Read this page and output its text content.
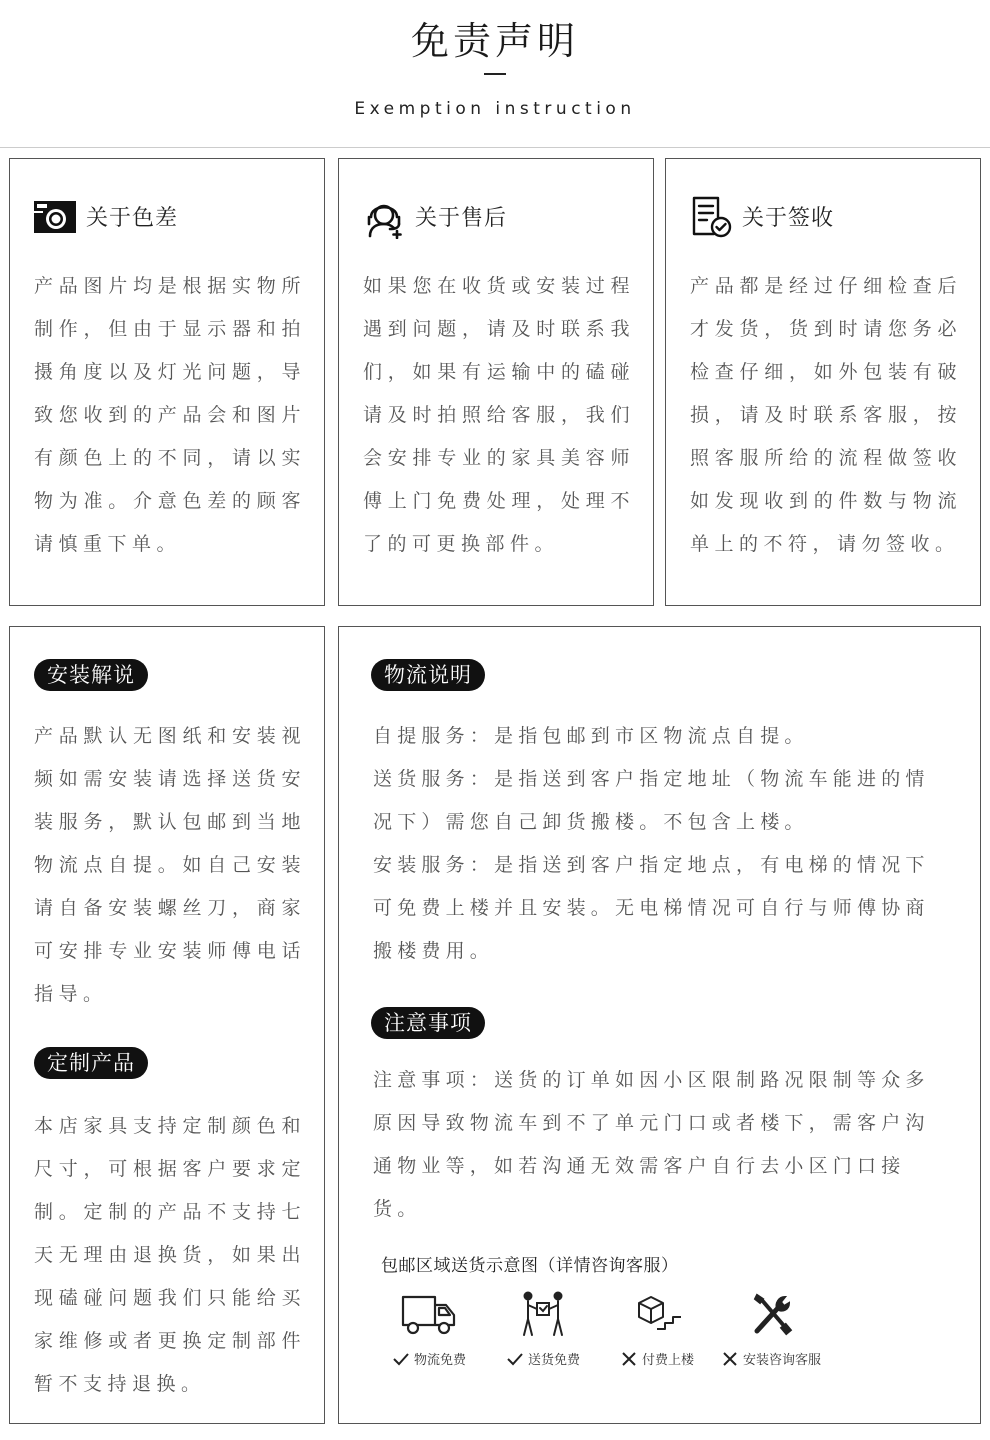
免责声明
Exemption instruction
关于色差
产品图片均是根据实物所制作，但由于显示器和拍摄角度以及灯光问题，导致您收到的产品会和图片有颜色上的不同，请以实物为准。介意色差的顾客请慎重下单。
关于售后
如果您在收货或安装过程遇到问题，请及时联系我们，如果有运输中的磕碰请及时拍照给客服，我们会安排专业的家具美容师傅上门免费处理，处理不了的可更换部件。
关于签收
产品都是经过仔细检查后才发货，货到时请您务必检查仔细，如外包装有破损，请及时联系客服，按照客服所给的流程做签收如发现收到的件数与物流单上的不符，请勿签收。
安装解说
产品默认无图纸和安装视频如需安装请选择送货安装服务，默认包邮到当地物流点自提。如自己安装请自备安装螺丝刀，商家可安排专业安装师傅电话指导。
定制产品
本店家具支持定制颜色和尺寸，可根据客户要求定制。定制的产品不支持七天无理由退换货，如果出现磕碰问题我们只能给买家维修或者更换定制部件暂不支持退换。
物流说明
自提服务：是指包邮到市区物流点自提。
送货服务：是指送到客户指定地址（物流车能进的情况下）需您自己卸货搬楼。不包含上楼。
安装服务：是指送到客户指定地点，有电梯的情况下可免费上楼并且安装。无电梯情况可自行与师傅协商搬楼费用。
注意事项
注意事项：送货的订单如因小区限制路况限制等众多原因导致物流车到不了单元门口或者楼下，需客户沟通物业等，如若沟通无效需客户自行去小区门口接货。
包邮区域送货示意图（详情咨询客服）
物流免费	送货免费	付费上楼	安装咨询客服
